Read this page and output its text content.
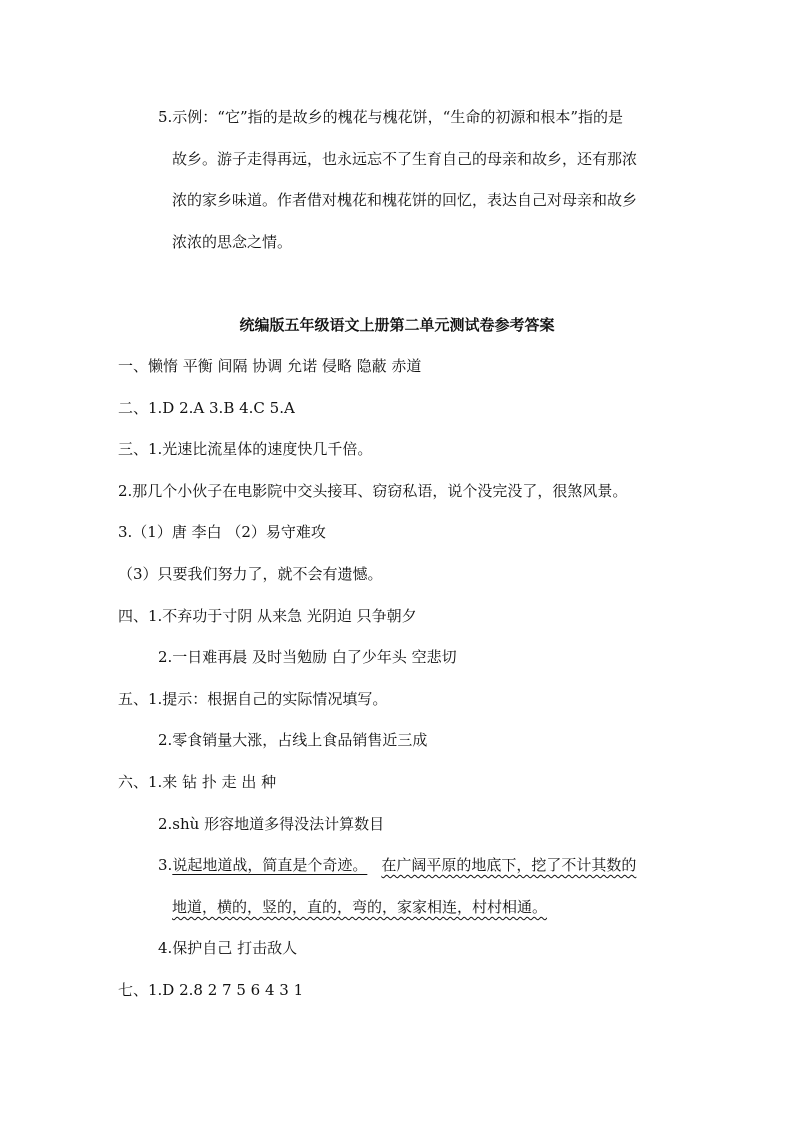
5.示例：“它”指的是故乡的槐花与槐花饼，“生命的初源和根本”指的是
故乡。游子走得再远，也永远忘不了生育自己的母亲和故乡，还有那浓
浓的家乡味道。作者借对槐花和槐花饼的回忆，表达自己对母亲和故乡
浓浓的思念之情。
统编版五年级语文上册第二单元测试卷参考答案
一、懒惰 平衡 间隔 协调 允诺 侵略 隐蔽 赤道
二、1.D 2.A 3.B 4.C 5.A
三、1.光速比流星体的速度快几千倍。
2.那几个小伙子在电影院中交头接耳、窃窃私语，说个没完没了，很煞风景。
3.（1）唐 李白 （2）易守难攻
（3）只要我们努力了，就不会有遗憾。
四、1.不弃功于寸阴 从来急 光阴迫 只争朝夕
2.一日难再晨 及时当勉励 白了少年头 空悲切
五、1.提示：根据自己的实际情况填写。
2.零食销量大涨，占线上食品销售近三成
六、1.来 钻 扑 走 出 种
2.shù 形容地道多得没法计算数目
3.说起地道战，简直是个奇迹。 在广阔平原的地底下，挖了不计其数的
地道，横的，竖的，直的，弯的，家家相连，村村相通。
4.保护自己 打击敌人
七、1.D 2.8 2 7 5 6 4 3 1
